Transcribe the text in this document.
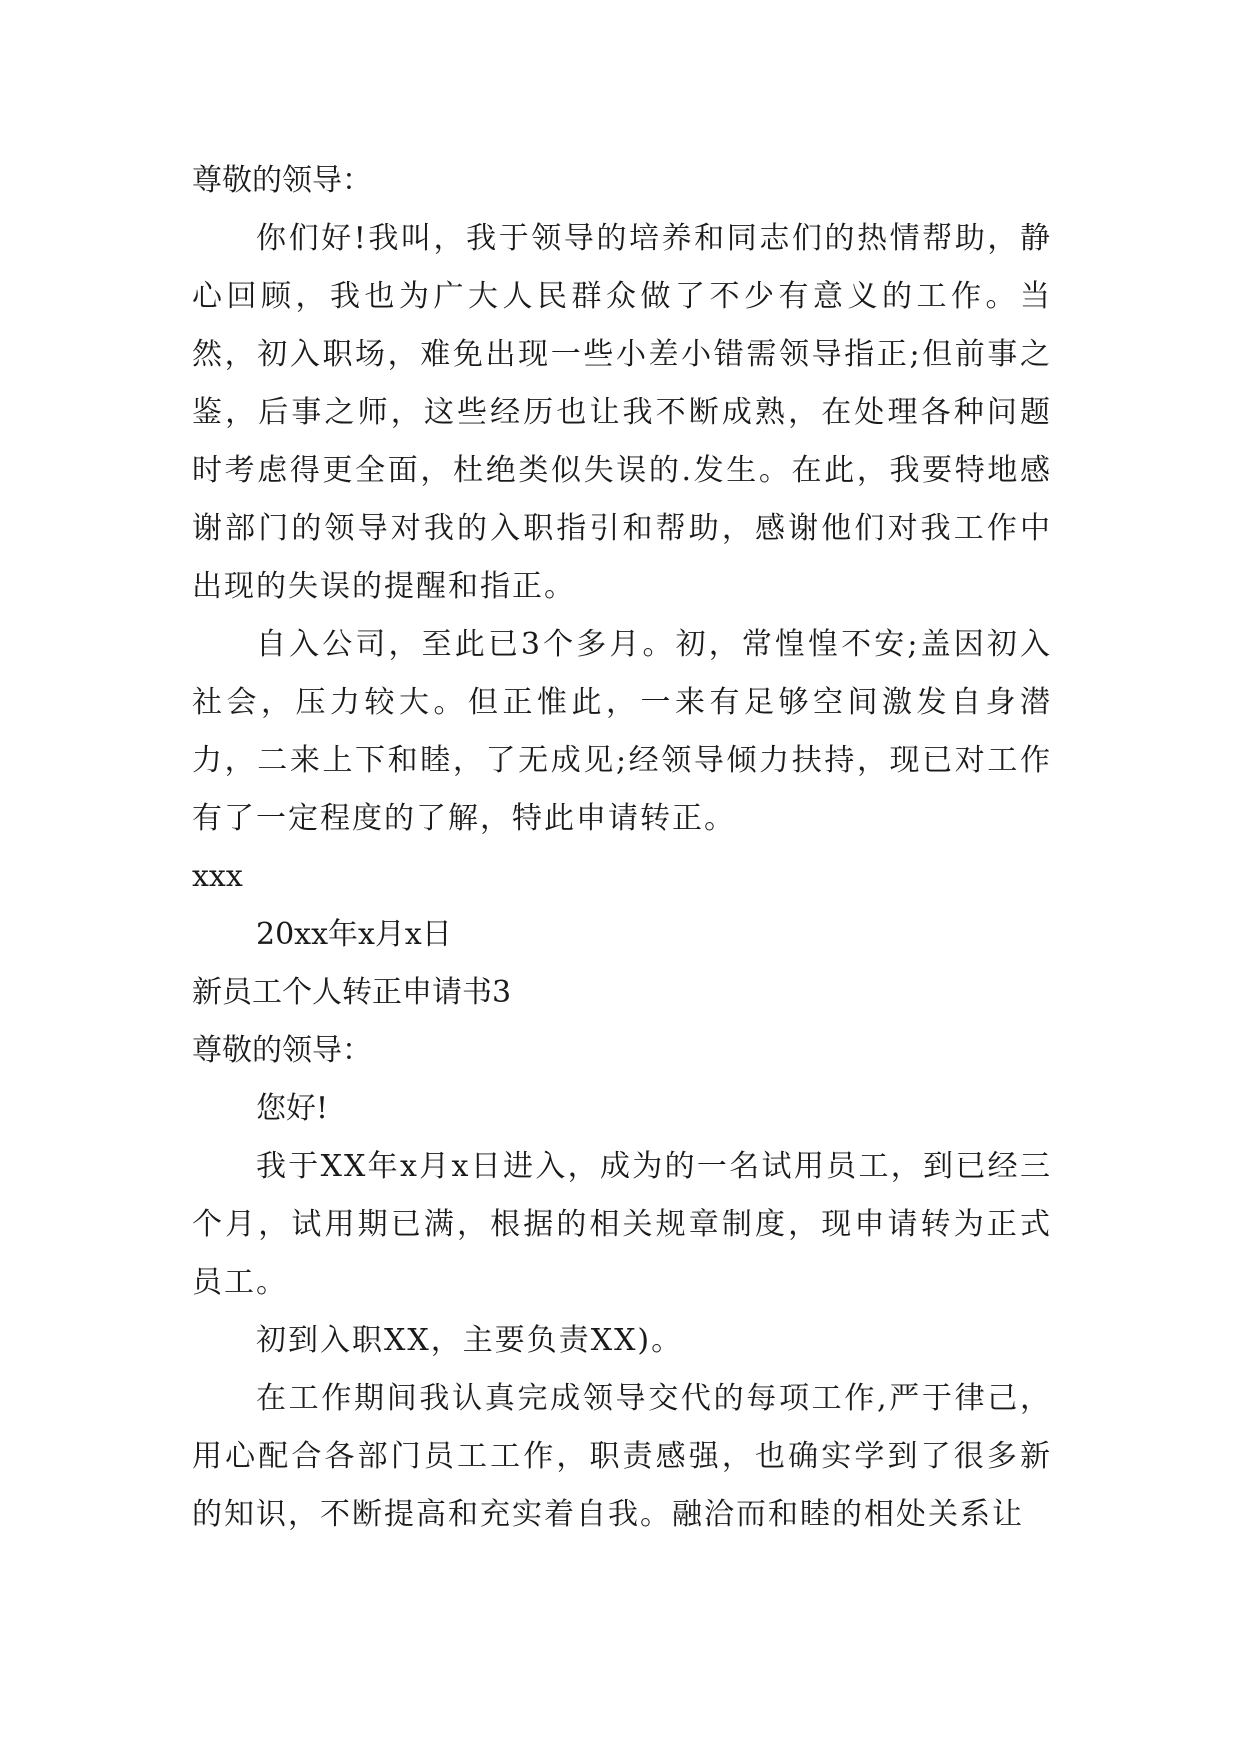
尊敬的领导：

你们好!我叫，我于领导的培养和同志们的热情帮助，静心回顾，我也为广大人民群众做了不少有意义的工作。当然，初入职场，难免出现一些小差小错需领导指正;但前事之鉴，后事之师，这些经历也让我不断成熟，在处理各种问题时考虑得更全面，杜绝类似失误的.发生。在此，我要特地感谢部门的领导对我的入职指引和帮助，感谢他们对我工作中出现的失误的提醒和指正。

自入公司，至此已3个多月。初，常惶惶不安;盖因初入社会，压力较大。但正惟此，一来有足够空间激发自身潜力，二来上下和睦，了无成见;经领导倾力扶持，现已对工作有了一定程度的了解，特此申请转正。

xxx

20xx年x月x日

新员工个人转正申请书3

尊敬的领导：

您好!

我于XX年x月x日进入，成为的一名试用员工，到已经三个月，试用期已满，根据的相关规章制度，现申请转为正式员工。

初到入职XX，主要负责XX)。

在工作期间我认真完成领导交代的每项工作,严于律己，用心配合各部门员工工作，职责感强，也确实学到了很多新的知识，不断提高和充实着自我。融洽而和睦的相处关系让
